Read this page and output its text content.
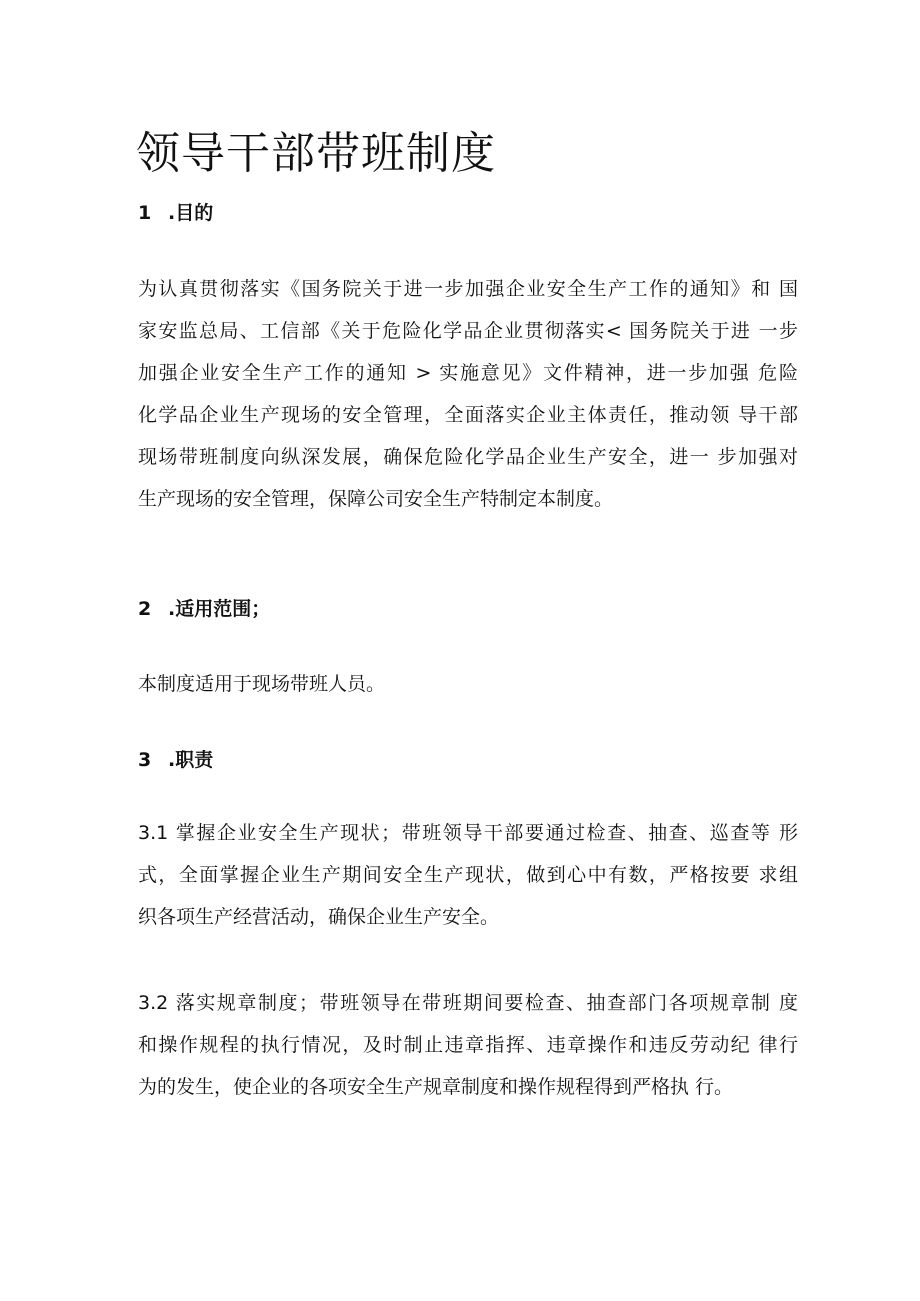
领导干部带班制度
1 .目的
为认真贯彻落实《国务院关于进一步加强企业安全生产工作的通知》和 国
家安监总局、工信部《关于危险化学品企业贯彻落实< 国务院关于进 一步
加强企业安全生产工作的通知 > 实施意见》文件精神，进一步加强 危险
化学品企业生产现场的安全管理，全面落实企业主体责任，推动领 导干部
现场带班制度向纵深发展，确保危险化学品企业生产安全，进一 步加强对
生产现场的安全管理，保障公司安全生产特制定本制度。
2 .适用范围；
本制度适用于现场带班人员。
3 .职责
3.1 掌握企业安全生产现状；带班领导干部要通过检查、抽查、巡查等 形
式，全面掌握企业生产期间安全生产现状，做到心中有数，严格按要 求组
织各项生产经营活动，确保企业生产安全。
3.2 落实规章制度；带班领导在带班期间要检查、抽查部门各项规章制 度
和操作规程的执行情况，及时制止违章指挥、违章操作和违反劳动纪 律行
为的发生，使企业的各项安全生产规章制度和操作规程得到严格执 行。
